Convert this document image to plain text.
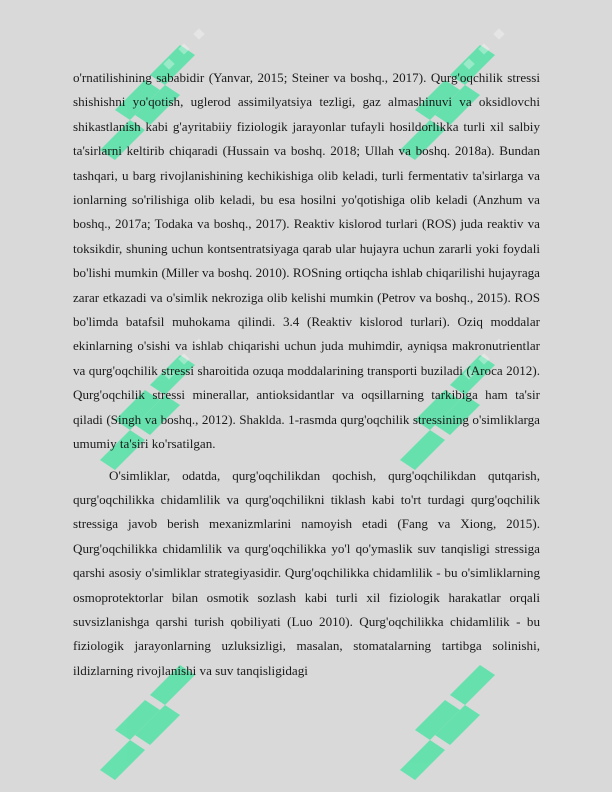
o'rnatilishining sababidir (Yanvar, 2015; Steiner va boshq., 2017). Qurg'oqchilik stressi shishishni yo'qotish, uglerod assimilyatsiya tezligi, gaz almashinuvi va oksidlovchi shikastlanish kabi g'ayritabiiy fiziologik jarayonlar tufayli hosildorlikka turli xil salbiy ta'sirlarni keltirib chiqaradi (Hussain va boshq. 2018; Ullah va boshq. 2018a). Bundan tashqari, u barg rivojlanishining kechikishiga olib keladi, turli fermentativ ta'sirlarga va ionlarning so'rilishiga olib keladi, bu esa hosilni yo'qotishiga olib keladi (Anzhum va boshq., 2017a; Todaka va boshq., 2017). Reaktiv kislorod turlari (ROS) juda reaktiv va toksikdir, shuning uchun kontsentratsiyaga qarab ular hujayra uchun zararli yoki foydali bo'lishi mumkin (Miller va boshq. 2010). ROSning ortiqcha ishlab chiqarilishi hujayraga zarar etkazadi va o'simlik nekroziga olib kelishi mumkin (Petrov va boshq., 2015). ROS bo'limda batafsil muhokama qilindi. 3.4 (Reaktiv kislorod turlari). Oziq moddalar ekinlarning o'sishi va ishlab chiqarishi uchun juda muhimdir, ayniqsa makronutrientlar va qurg'oqchilik stressi sharoitida ozuqa moddalarining transporti buziladi (Aroca 2012). Qurg'oqchilik stressi minerallar, antioksidantlar va oqsillarning tarkibiga ham ta'sir qiladi (Singh va boshq., 2012). Shaklda. 1-rasmda qurg'oqchilik stressining o'simliklarga umumiy ta'siri ko'rsatilgan.

O'simliklar, odatda, qurg'oqchilikdan qochish, qurg'oqchilikdan qutqarish, qurg'oqchilikka chidamlilik va qurg'oqchilikni tiklash kabi to'rt turdagi qurg'oqchilik stressiga javob berish mexanizmlarini namoyish etadi (Fang va Xiong, 2015). Qurg'oqchilikka chidamlilik va qurg'oqchilikka yo'l qo'ymaslik suv tanqisligi stressiga qarshi asosiy o'simliklar strategiyasidir. Qurg'oqchilikka chidamlilik - bu o'simliklarning osmoprotektorlar bilan osmotik sozlash kabi turli xil fiziologik harakatlar orqali suvsizlanishga qarshi turish qobiliyati (Luo 2010). Qurg'oqchilikka chidamlilik - bu fiziologik jarayonlarning uzluksizligi, masalan, stomatalarning tartibga solinishi, ildizlarning rivojlanishi va suv tanqisligidagi
